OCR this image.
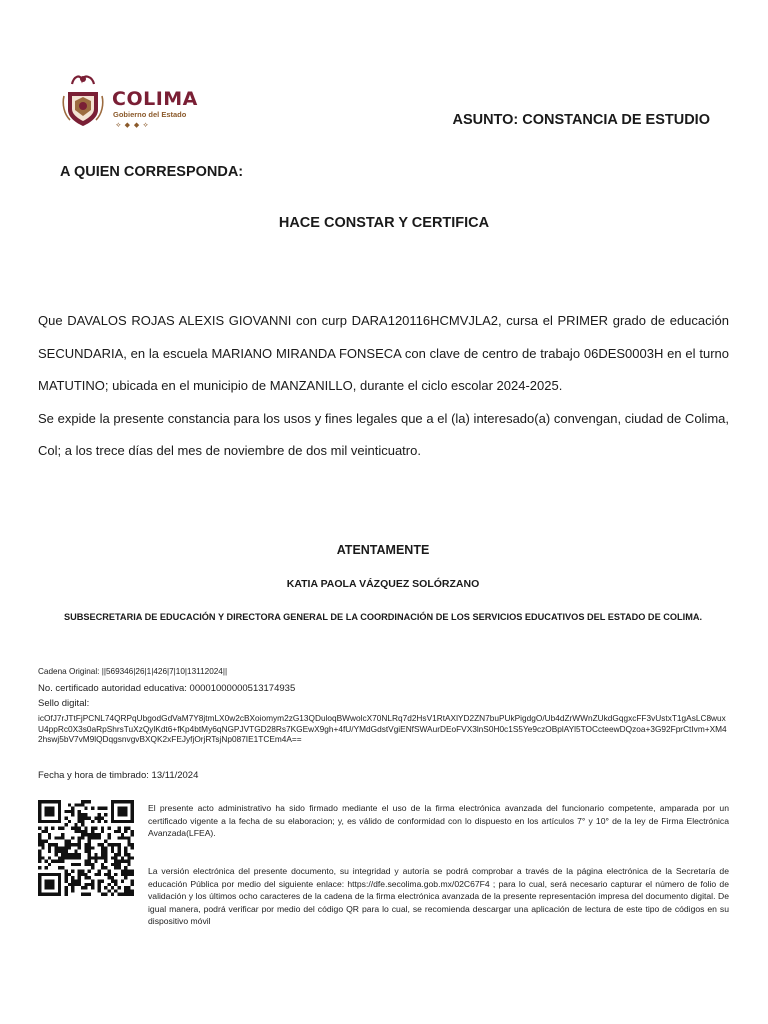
COLIMA
Gobierno del Estado
⟡ ◆ ◆ ⟡	ASUNTO: CONSTANCIA DE ESTUDIO
A QUIEN CORRESPONDA:
HACE CONSTAR Y CERTIFICA

Que DAVALOS ROJAS ALEXIS GIOVANNI con curp DARA120116HCMVJLA2, cursa el PRIMER grado de educación SECUNDARIA, en la escuela MARIANO MIRANDA FONSECA con clave de centro de trabajo 06DES0003H en el turno MATUTINO; ubicada en el municipio de MANZANILLO, durante el ciclo escolar 2024-2025.

Se expide la presente constancia para los usos y fines legales que a el (la) interesado(a) convengan, ciudad de Colima, Col; a los trece días del mes de noviembre de dos mil veinticuatro.

ATENTAMENTE
KATIA PAOLA VÁZQUEZ SOLÓRZANO
SUBSECRETARIA DE EDUCACIÓN Y DIRECTORA GENERAL DE LA COORDINACIÓN DE LOS SERVICIOS EDUCATIVOS DEL ESTADO DE COLIMA.
Cadena Original: ||569346|26|1|426|7|10|13112024||
No. certificado autoridad educativa: 00001000000513174935
Sello digital:
icOfJ7rJTtFjPCNL74QRPqUbgodGdVaM7Y8jtmLX0w2cBXoiomym2zG13QDuloqBWwolcX70NLRq7d2HsV1RtAXlYD2ZN7buPUkPigdgO/Ub4dZrWWnZUkdGqgxcFF3vUstxT1gAsLC8wuxU4ppRc0X3s0aRpShrsTuXzQylKdt6+fKp4btMy6qNGPJVTGD28Rs7KGEwX9gh+4fU/YMdGdstVgiENfSWAurDEoFVX3lnS0H0c1S5Ye9czOBplAYl5TOCcteewDQzoa+3G92FprCtIvm+XM42hswj5bV7vM9lQDqgsnvgvBXQK2xFEJyfjOrjRTsjNp087IE1TCEm4A==
Fecha y hora de timbrado: 13/11/2024
El presente acto administrativo ha sido firmado mediante el uso de la firma electrónica avanzada del funcionario competente, amparada por un certificado vigente a la fecha de su elaboracion; y, es válido de conformidad con lo dispuesto en los artículos 7° y 10° de la ley de Firma Electrónica Avanzada(LFEA).
La versión electrónica del presente documento, su integridad y autoría se podrá comprobar a través de la página electrónica de la Secretaría de educación Pública por medio del siguiente enlace: https://dfe.secolima.gob.mx/02C67F4 ; para lo cual, será necesario capturar el número de folio de validación y los últimos ocho caracteres de la cadena de la firma electrónica avanzada de la presente representación impresa del documento digital. De igual manera, podrá verificar por medio del código QR para lo cual, se recomienda descargar una aplicación de lectura de este tipo de códigos en su dispositivo móvil
